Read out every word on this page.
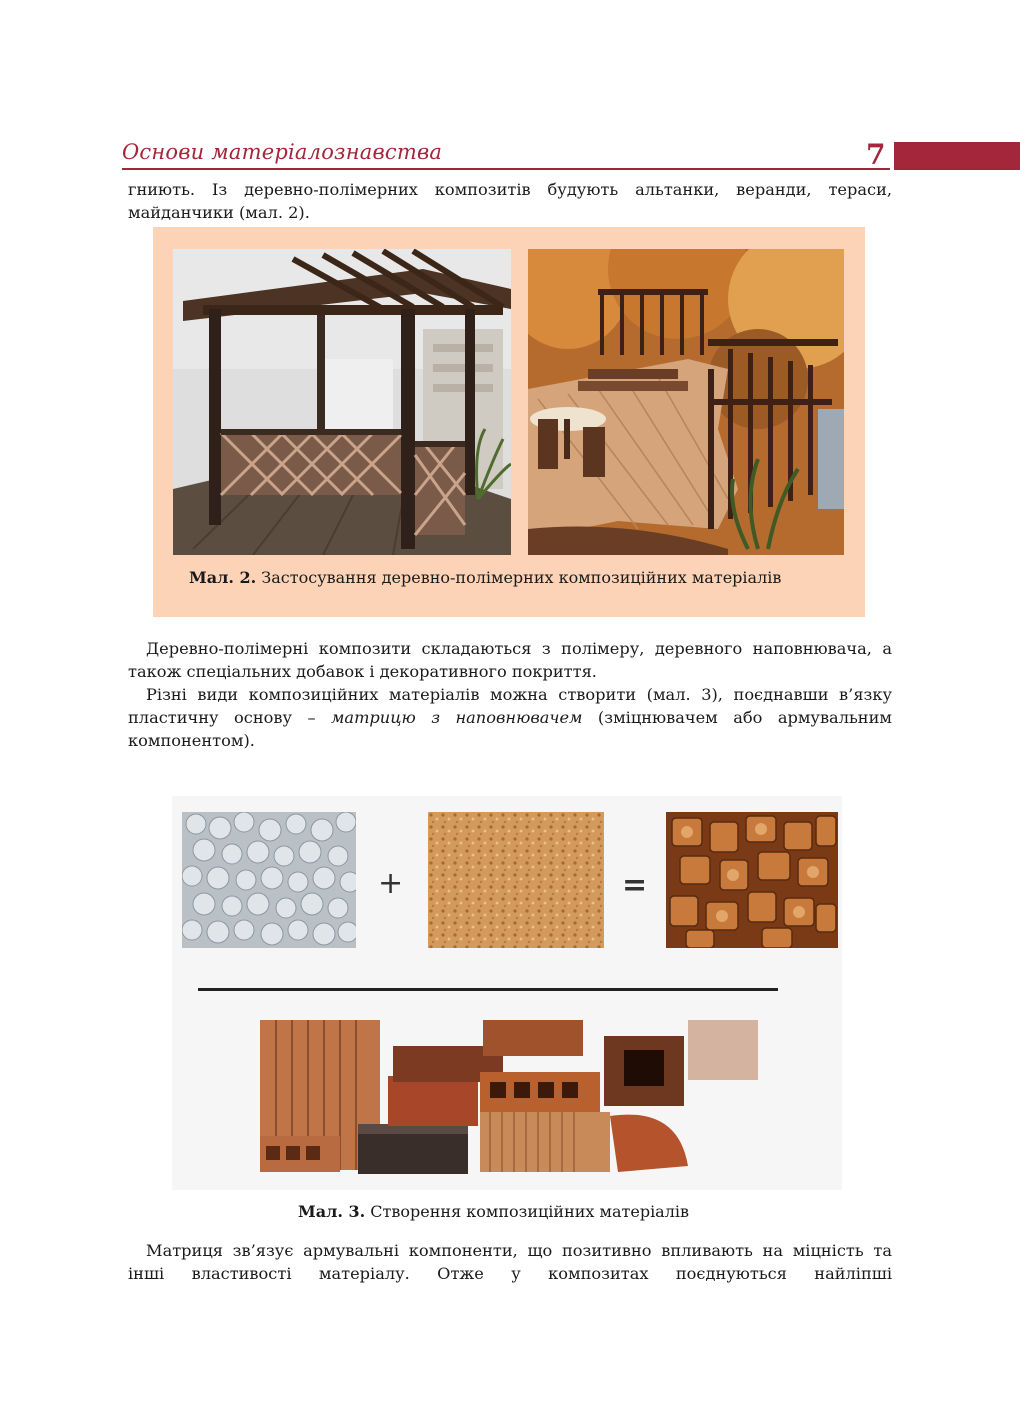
Основи матеріалознавства	7
гниють. Із деревно-полімерних композитів будують альтанки, веранди, тераси,
майданчики (мал. 2).
Мал. 2. Застосування деревно-полімерних композиційних матеріалів
Деревно-полімерні композити складаються з полімеру, деревного наповнювача, а також спеціальних добавок і декоративного покриття.
Різні види композиційних матеріалів можна створити (мал. 3), поєднавши в’язку пластичну основу – матрицю з наповнювачем (зміцнювачем або армувальним компонентом).
+	=
Мал. 3. Створення композиційних матеріалів
Матриця зв’язує армувальні компоненти, що позитивно впливають на міцність та інші властивості матеріалу. Отже у композитах поєднуються найліпші
